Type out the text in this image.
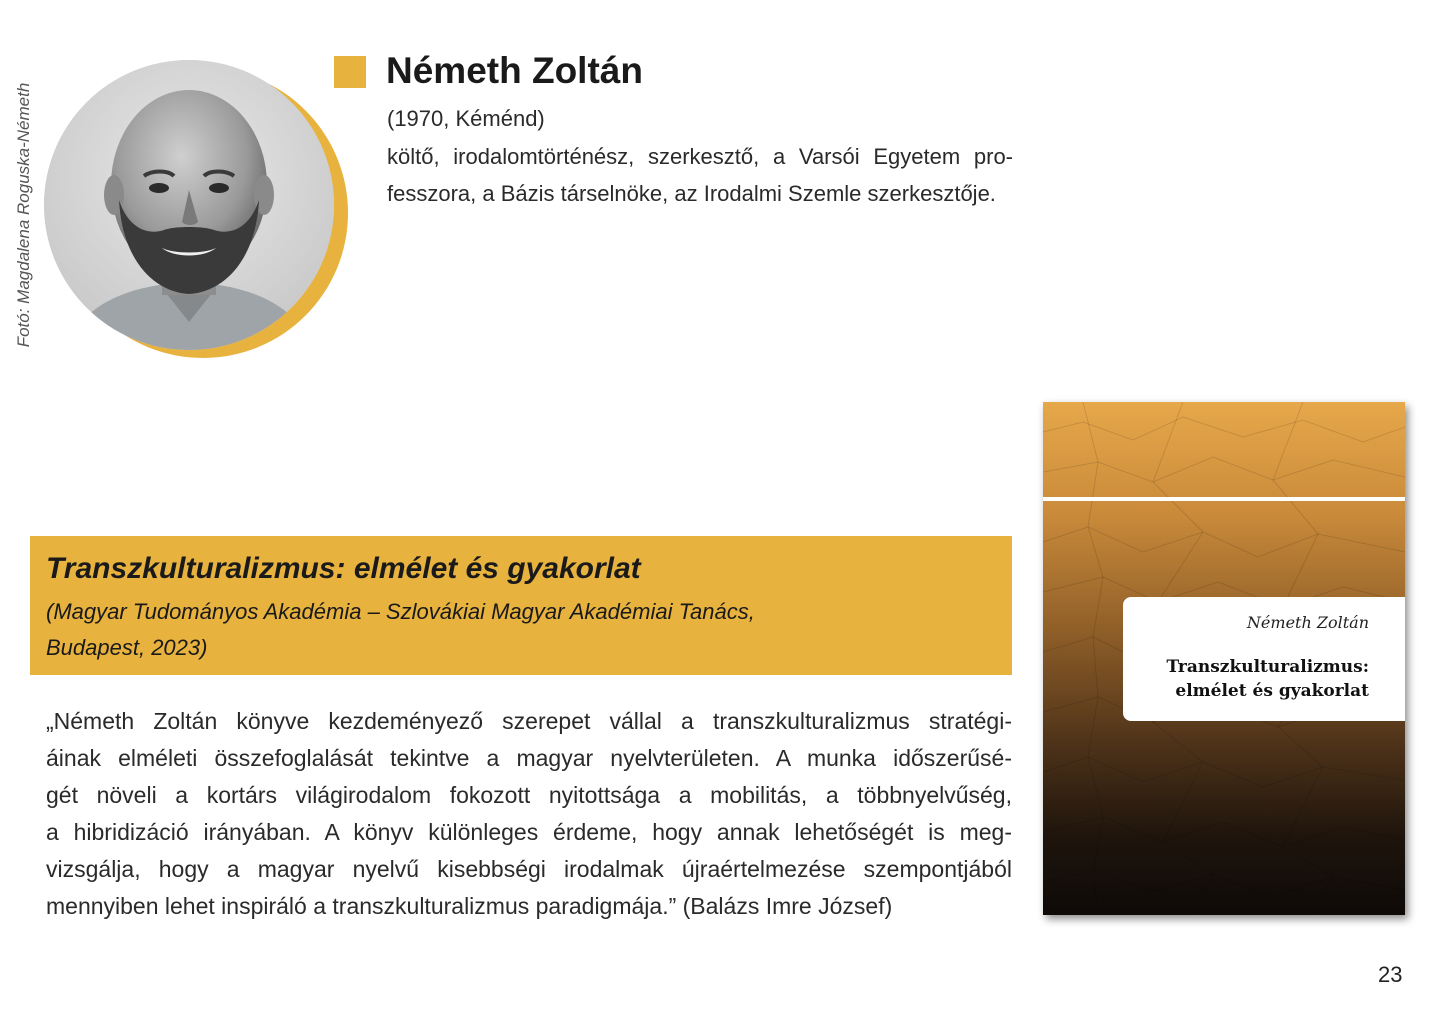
Fotó: Magdalena Roguska-Németh
Németh Zoltán
(1970, Kéménd)
költő, irodalomtörténész, szerkesztő, a Varsói Egyetem pro-
fesszora, a Bázis társelnöke, az Irodalmi Szemle szerkesztője.
Transzkulturalizmus: elmélet és gyakorlat
(Magyar Tudományos Akadémia – Szlovákiai Magyar Akadémiai Tanács,
Budapest, 2023)
„Németh Zoltán könyve kezdeményező szerepet vállal a transzkulturalizmus stratégi-
áinak elméleti összefoglalását tekintve a magyar nyelvterületen. A munka időszerűsé-
gét növeli a kortárs világirodalom fokozott nyitottsága a mobilitás, a többnyelvűség,
a hibridizáció irányában. A könyv különleges érdeme, hogy annak lehetőségét is meg-
vizsgálja, hogy a magyar nyelvű kisebbségi irodalmak újraértelmezése szempontjából
mennyiben lehet inspiráló a transzkulturalizmus paradigmája.” (Balázs Imre József)
Németh Zoltán
Transzkulturalizmus:
elmélet és gyakorlat
23
